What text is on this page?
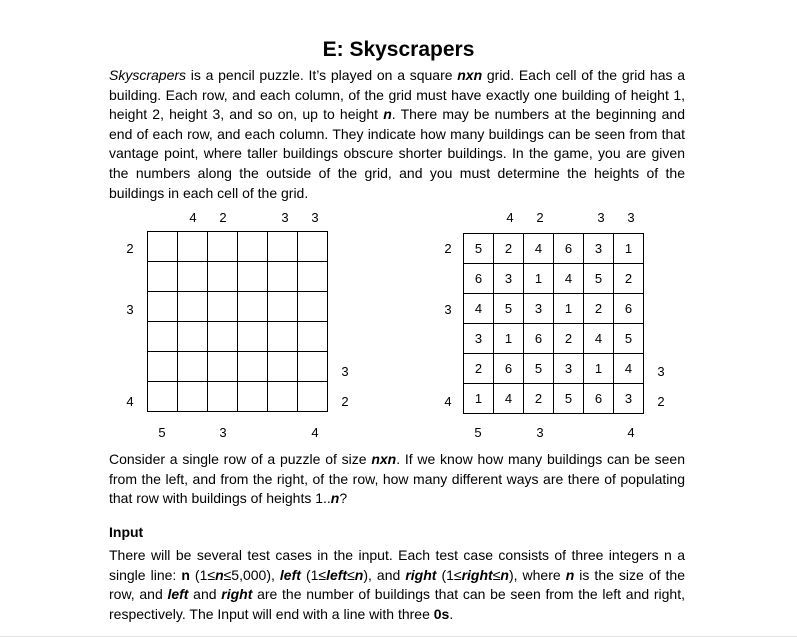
E: Skyscrapers
Skyscrapers is a pencil puzzle. It’s played on a square nxn grid. Each cell of the grid has a building. Each row, and each column, of the grid must have exactly one building of height 1, height 2, height 3, and so on, up to height n. There may be numbers at the beginning and end of each row, and each column. They indicate how many buildings can be seen from that vantage point, where taller buildings obscure shorter buildings. In the game, you are given the numbers along the outside of the grid, and you must determine the heights of the buildings in each cell of the grid.
4	2	3	3
2
3
4
3
2
5	3	4

4	2	3	3
2
3
4
3
2
5	3	4
5	2	4	6	3	1
6	3	1	4	5	2
4	5	3	1	2	6
3	1	6	2	4	5
2	6	5	3	1	4
1	4	2	5	6	3
Consider a single row of a puzzle of size nxn. If we know how many buildings can be seen from the left, and from the right, of the row, how many different ways are there of populating that row with buildings of heights 1..n?
Input
There will be several test cases in the input. Each test case consists of three integers n a single line: n (1≤n≤5,000), left (1≤left≤n), and right (1≤right≤n), where n is the size of the row, and left and right are the number of buildings that can be seen from the left and right, respectively. The Input will end with a line with three 0s.
